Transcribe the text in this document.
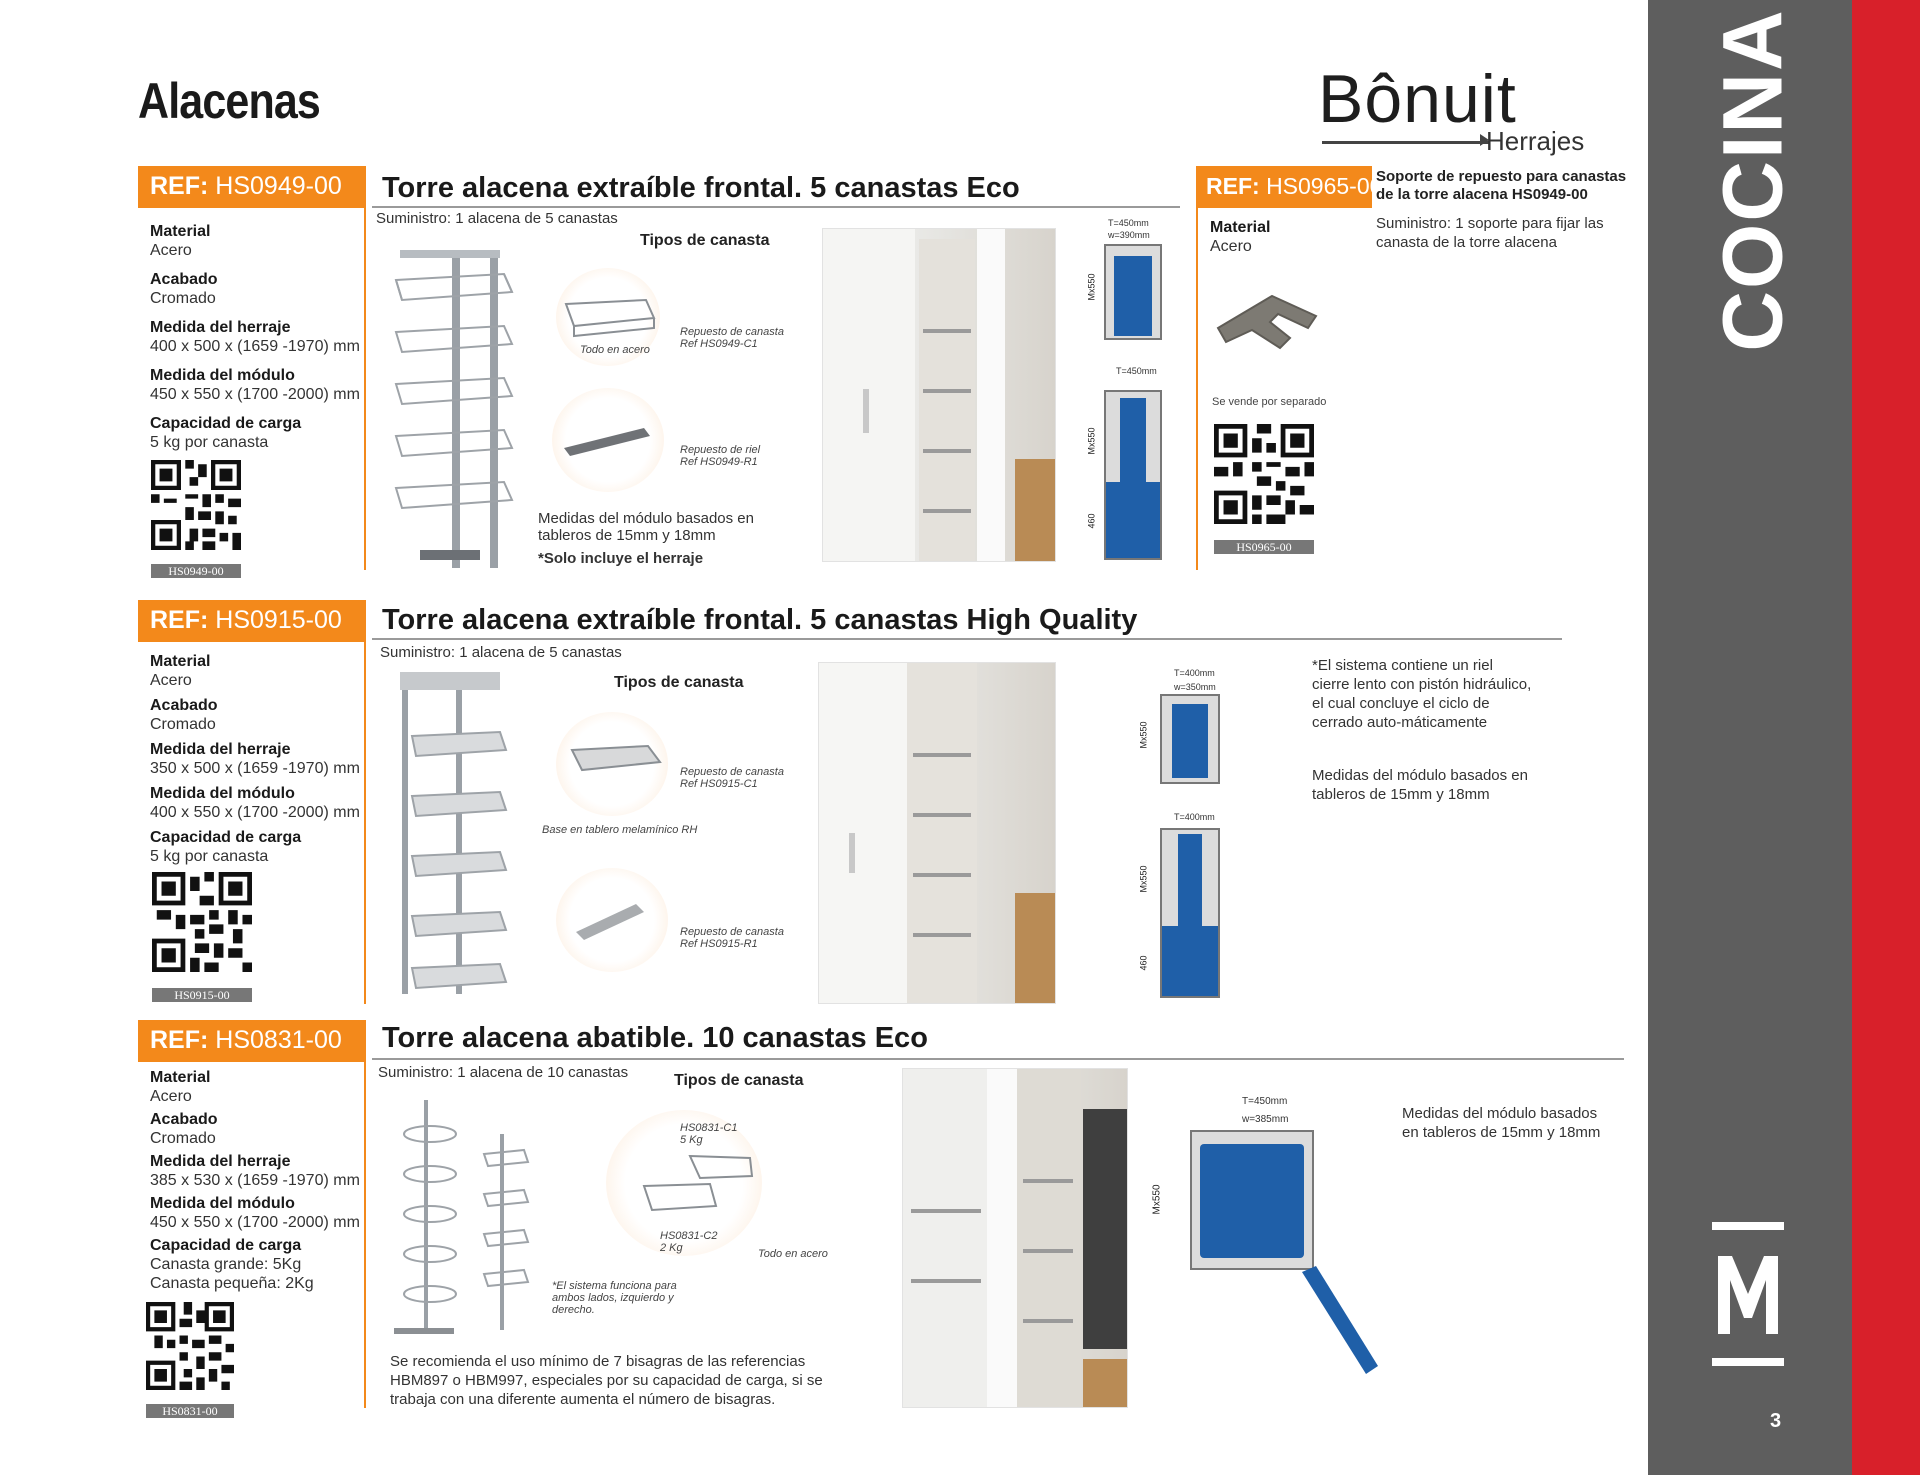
Alacenas	Bônuit
Herrajes COCINA
3
REF: HS0949-00	Torre alacena extraíble frontal. 5 canastas Eco
Suministro: 1 alacena de 5 canastas
Material
Acero
Acabado
Cromado
Medida del herraje
400 x 500 x (1659 -1970) mm
Medida del módulo
450 x 550 x (1700 -2000) mm
Capacidad de carga
5 kg por canasta
HS0949-00
Tipos de canasta
Todo en acero
Repuesto de canasta
Ref HS0949-C1
Repuesto de riel
Ref HS0949-R1
Medidas del módulo basados en tableros de 15mm y 18mm
*Solo incluye el herraje
T=450mm
w=390mm
Mx550
T=450mm
Mx550
460
REF: HS0965-00
Soporte de repuesto para canastas de la torre alacena HS0949-00
Suministro: 1 soporte para fijar las canasta de la torre alacena
Material
Acero
Se vende por separado
HS0965-00
REF: HS0915-00	Torre alacena extraíble frontal. 5 canastas High Quality
Suministro: 1 alacena de 5 canastas
Material
Acero
Acabado
Cromado
Medida del herraje
350 x 500 x (1659 -1970) mm
Medida del módulo
400 x 550 x (1700 -2000) mm
Capacidad de carga
5 kg por canasta
HS0915-00
Tipos de canasta
Base en tablero melamínico RH
Repuesto de canasta
Ref HS0915-C1
Repuesto de canasta
Ref HS0915-R1
T=400mm
w=350mm
Mx550
T=400mm
Mx550
460
*El sistema contiene un riel cierre lento con pistón hidráulico, el cual concluye el ciclo de cerrado auto-máticamente
Medidas del módulo basados en tableros de 15mm y 18mm
REF: HS0831-00	Torre alacena abatible. 10 canastas Eco
Suministro: 1 alacena de 10 canastas
Material
Acero
Acabado
Cromado
Medida del herraje
385 x 530 x (1659 -1970) mm
Medida del módulo
450 x 550 x (1700 -2000) mm
Capacidad de carga
Canasta grande: 5Kg
Canasta pequeña: 2Kg
HS0831-00
Tipos de canasta
HS0831-C1
5 Kg
HS0831-C2
2 Kg	Todo en acero
*El sistema funciona para ambos lados, izquierdo y derecho.
Se recomienda el uso mínimo de 7 bisagras de las referencias HBM897 o HBM997, especiales por su capacidad de carga, si se trabaja con una diferente aumenta el número de bisagras.
T=450mm
w=385mm
Mx550
Medidas del módulo basados en tableros de 15mm y 18mm
